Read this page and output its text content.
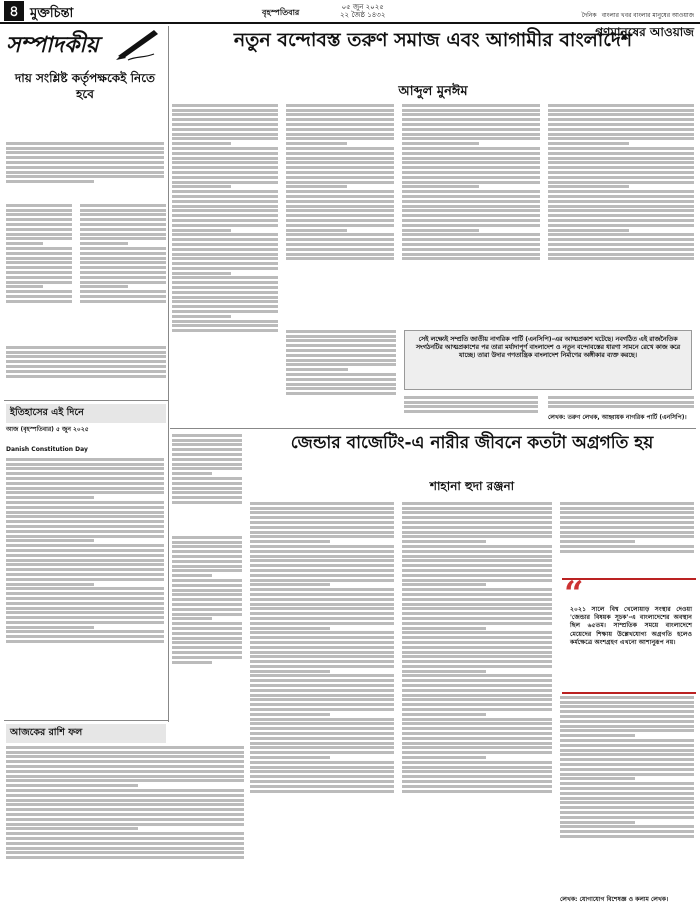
৪ মুক্তচিন্তা	বৃহস্পতিবার
০৫ জুন ২০২৫
২২ জৈষ্ঠ ১৪৩২	দৈনিক বাংলার খবর বাংলার মানুষের আওয়াজ
গণমানুষের আওয়াজ
সম্পাদকীয়
দায় সংশ্লিষ্ট কর্তৃপক্ষকেই নিতে হবে
ইতিহাসের এই দিনে
আজ (বৃহস্পতিবার) ৫ জুন ২০২৫
Danish Constitution Day
আজকের রাশি ফল
নতুন বন্দোবস্ত তরুণ সমাজ এবং আগামীর বাংলাদেশ
আব্দুল মুনঈম
সেই লক্ষ্যেই সম্প্রতি জাতীয় নাগরিক পার্টি (এনসিপি)-এর আত্মপ্রকাশ ঘটেছে। নবগঠিত এই রাজনৈতিক সংগঠনটির আত্মপ্রকাশের পর তারা মর্যাদাপূর্ণ বাংলাদেশ ও নতুন বন্দোবস্তের ধারণা সামনে রেখে কাজ করে যাচ্ছে। তারা উদার গণতান্ত্রিক বাংলাদেশ নির্মাণের অঙ্গীকার ব্যক্ত করছে।
লেখক: তরুণ লেখক, আহ্বায়ক নাগরিক পার্টি (এনসিপি)।
জেন্ডার বাজেটিং-এ নারীর জীবনে কতটা অগ্রগতি হয়
শাহানা হুদা রঞ্জনা
“
২০২১ সালে বিশ্ব খেলোয়াড় সংস্থার দেওয়া 'জেন্ডার বিষয়ক সূচক'-এ বাংলাদেশের অবস্থান ছিল ৬৫তম। সাম্প্রতিক সময়ে বাংলাদেশে মেয়েদের শিক্ষায় উল্লেখযোগ্য অগ্রগতি হলেও কর্মক্ষেত্রে অংশগ্রহণ এখনো আশানুরূপ নয়।
লেখক: যোগাযোগ বিশেষজ্ঞ ও কলাম লেখক।
